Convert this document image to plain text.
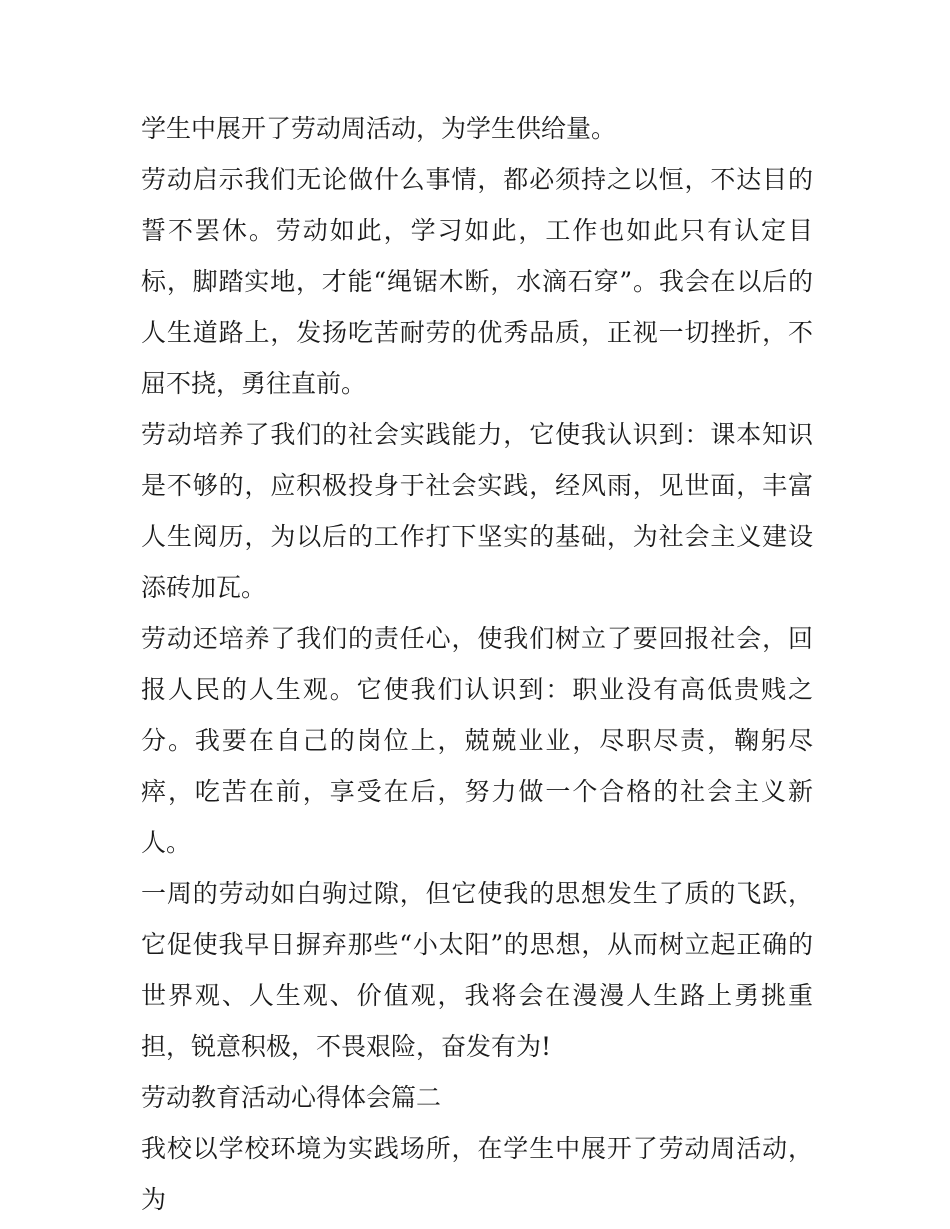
学生中展开了劳动周活动，为学生供给量。

劳动启示我们无论做什么事情，都必须持之以恒，不达目的誓不罢休。劳动如此，学习如此，工作也如此只有认定目标，脚踏实地，才能“绳锯木断，水滴石穿”。我会在以后的人生道路上，发扬吃苦耐劳的优秀品质，正视一切挫折，不屈不挠，勇往直前。

劳动培养了我们的社会实践能力，它使我认识到：课本知识是不够的，应积极投身于社会实践，经风雨，见世面，丰富人生阅历，为以后的工作打下坚实的基础，为社会主义建设添砖加瓦。

劳动还培养了我们的责任心，使我们树立了要回报社会，回报人民的人生观。它使我们认识到：职业没有高低贵贱之分。我要在自己的岗位上，兢兢业业，尽职尽责，鞠躬尽瘁，吃苦在前，享受在后，努力做一个合格的社会主义新人。

一周的劳动如白驹过隙，但它使我的思想发生了质的飞跃，它促使我早日摒弃那些“小太阳”的思想，从而树立起正确的世界观、人生观、价值观，我将会在漫漫人生路上勇挑重担，锐意积极，不畏艰险，奋发有为!

劳动教育活动心得体会篇二

我校以学校环境为实践场所，在学生中展开了劳动周活动，为
